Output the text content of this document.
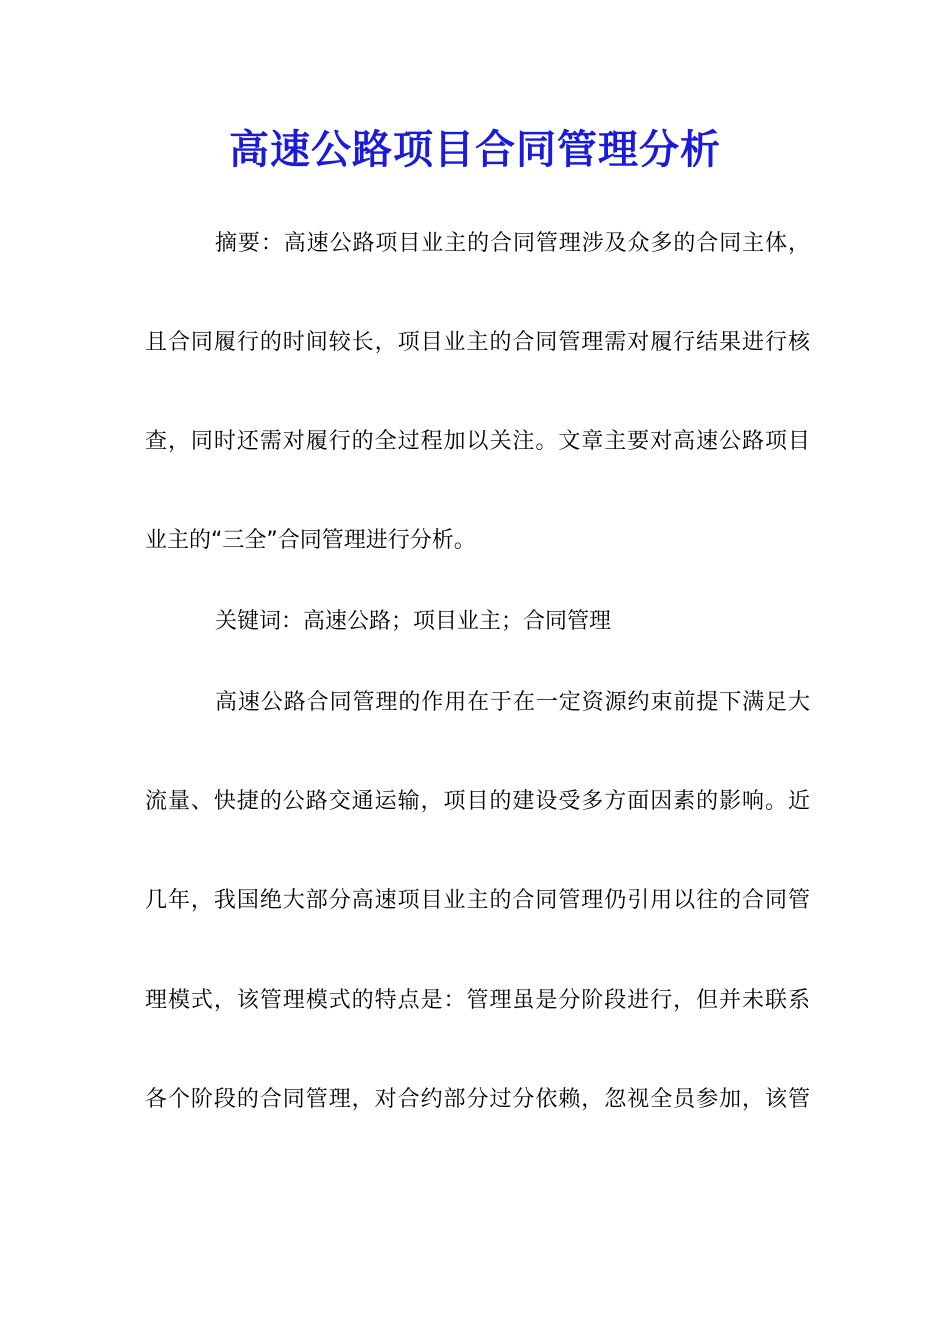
高速公路项目合同管理分析
摘要：高速公路项目业主的合同管理涉及众多的合同主体，
且合同履行的时间较长，项目业主的合同管理需对履行结果进行核
查，同时还需对履行的全过程加以关注。文章主要对高速公路项目
业主的“三全”合同管理进行分析。
关键词：高速公路；项目业主；合同管理
高速公路合同管理的作用在于在一定资源约束前提下满足大
流量、快捷的公路交通运输，项目的建设受多方面因素的影响。近
几年，我国绝大部分高速项目业主的合同管理仍引用以往的合同管
理模式，该管理模式的特点是：管理虽是分阶段进行，但并未联系
各个阶段的合同管理，对合约部分过分依赖，忽视全员参加，该管
